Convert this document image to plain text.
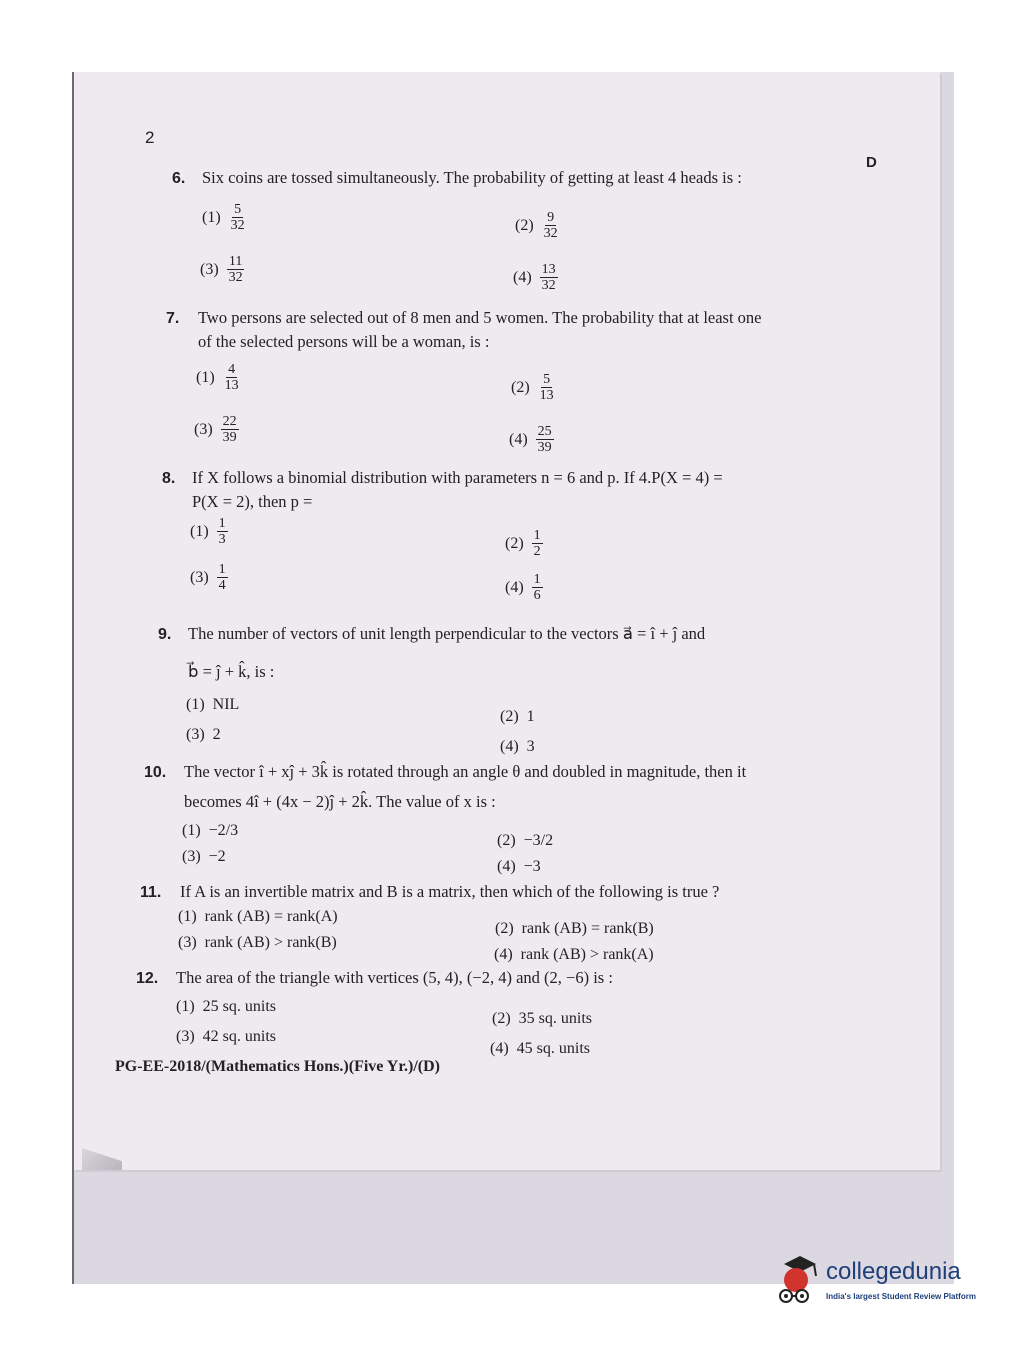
2
D
6. Six coins are tossed simultaneously. The probability of getting at least 4 heads is :
$(1) \frac{5}{32}$	$(2) \frac{9}{32}$
$(3) \frac{11}{32}$	$(4) \frac{13}{32}$
7. Two persons are selected out of 8 men and 5 women. The probability that at least one
of the selected persons will be a woman, is :
$(1) \frac{4}{13}$	$(2) \frac{5}{13}$
$(3) \frac{22}{39}$	$(4) \frac{25}{39}$
8. If X follows a binomial distribution with parameters n = 6 and p. If 4.P(X = 4) =
P(X = 2), then p =
$(1) \frac{1}{3}$	$(2) \frac{1}{2}$
$(3) \frac{1}{4}$	$(4) \frac{1}{6}$
9. The number of vectors of unit length perpendicular to the vectors a⃗ = î + ĵ and
b⃗ = ĵ + k̂, is :
(1) NIL
(2) 1
(3) 2
(4) 3
10. The vector î + xĵ + 3k̂ is rotated through an angle θ and doubled in magnitude, then it
becomes 4î + (4x − 2)ĵ + 2k̂. The value of x is :
(1) −2/3
(2) −3/2
(3) −2
(4) −3
11. If A is an invertible matrix and B is a matrix, then which of the following is true ?
(1) rank (AB) = rank(A)
(2) rank (AB) = rank(B)
(3) rank (AB) > rank(B)
(4) rank (AB) > rank(A)
12. The area of the triangle with vertices (5, 4), (−2, 4) and (2, −6) is :
(1) 25 sq. units
(2) 35 sq. units
(3) 42 sq. units
(4) 45 sq. units
PG-EE-2018/(Mathematics Hons.)(Five Yr.)/(D)
collegedunia
India's largest Student Review Platform
